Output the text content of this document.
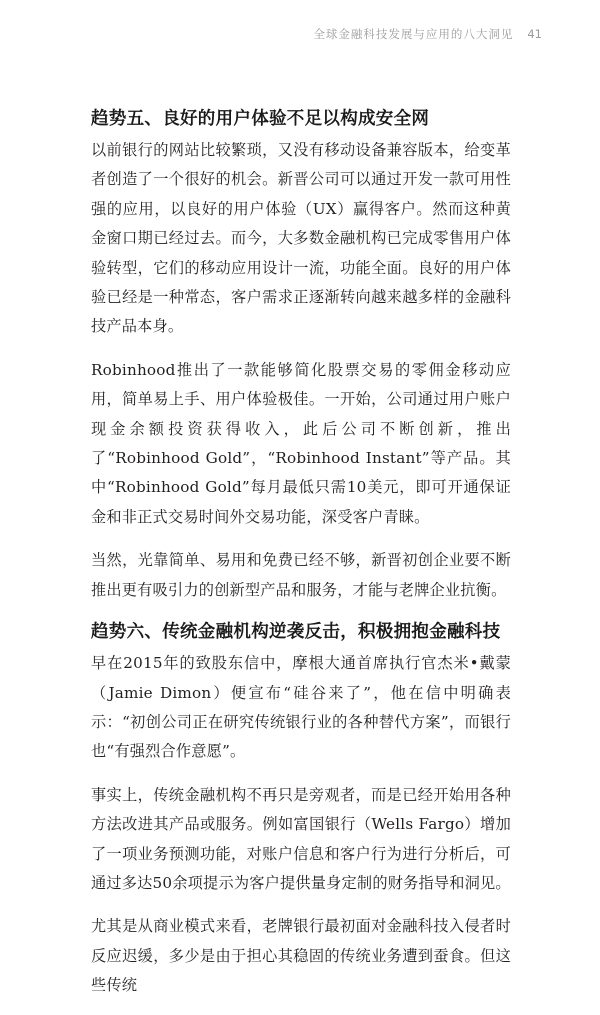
全球金融科技发展与应用的八大洞见 41
趋势五、良好的用户体验不足以构成安全网

以前银行的网站比较繁琐，又没有移动设备兼容版本，给变革者创造了一个很好的机会。新晋公司可以通过开发一款可用性强的应用，以良好的用户体验（UX）赢得客户。然而这种黄金窗口期已经过去。而今，大多数金融机构已完成零售用户体验转型，它们的移动应用设计一流，功能全面。良好的用户体验已经是一种常态，客户需求正逐渐转向越来越多样的金融科技产品本身。

Robinhood推出了一款能够简化股票交易的零佣金移动应用，简单易上手、用户体验极佳。一开始，公司通过用户账户现金余额投资获得收入，此后公司不断创新，推出了“Robinhood Gold”，“Robinhood Instant”等产品。其中“Robinhood Gold”每月最低只需10美元，即可开通保证金和非正式交易时间外交易功能，深受客户青睐。

当然，光靠简单、易用和免费已经不够，新晋初创企业要不断推出更有吸引力的创新型产品和服务，才能与老牌企业抗衡。

趋势六、传统金融机构逆袭反击，积极拥抱金融科技

早在2015年的致股东信中，摩根大通首席执行官杰米•戴蒙（Jamie Dimon）便宣布“硅谷来了”，他在信中明确表示：“初创公司正在研究传统银行业的各种替代方案”，而银行也“有强烈合作意愿”。

事实上，传统金融机构不再只是旁观者，而是已经开始用各种方法改进其产品或服务。例如富国银行（Wells Fargo）增加了一项业务预测功能，对账户信息和客户行为进行分析后，可通过多达50余项提示为客户提供量身定制的财务指导和洞见。

尤其是从商业模式来看，老牌银行最初面对金融科技入侵者时反应迟缓，多少是由于担心其稳固的传统业务遭到蚕食。但这些传统
